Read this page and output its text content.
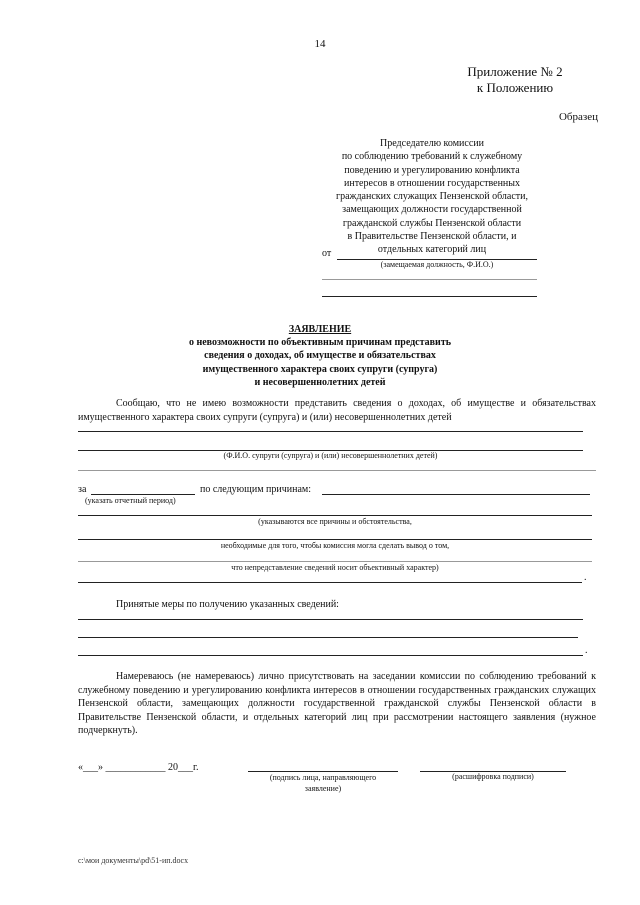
14
Приложение № 2
к Положению
Образец
Председателю комиссии
по соблюдению требований к служебному
поведению и урегулированию конфликта
интересов в отношении государственных
гражданских служащих Пензенской области,
замещающих должности государственной
гражданской службы Пензенской области
в Правительстве Пензенской области, и
отдельных категорий лиц
от
(замещаемая должность, Ф.И.О.)
ЗАЯВЛЕНИЕ
о невозможности по объективным причинам представить
сведения о доходах, об имуществе и обязательствах
имущественного характера своих супруги (супруга)
и несовершеннолетних детей
Сообщаю, что не имею возможности представить сведения о доходах, об имуществе и обязательствах имущественного характера своих супруги (супруга) и (или) несовершеннолетних детей
(Ф.И.О. супруги (супруга) и (или) несовершеннолетних детей)
за	по следующим причинам:
(указать отчетный период)
(указываются все причины и обстоятельства,
необходимые для того, чтобы комиссия могла сделать вывод о том,
что непредставление сведений носит объективный характер)
.
Принятые меры по получению указанных сведений:
.
Намереваюсь (не намереваюсь) лично присутствовать на заседании комиссии по соблюдению требований к служебному поведению и урегулированию конфликта интересов в отношении государственных гражданских служащих Пензенской области, замещающих должности государственной гражданской службы Пензенской области в Правительстве Пензенской области, и отдельных категорий лиц при рассмотрении настоящего заявления (нужное подчеркнуть).
«___» ____________ 20___г.
(подпись лица, направляющего
заявление)
(расшифровка подписи)
c:\мои документы\pd\51-ип.docx
